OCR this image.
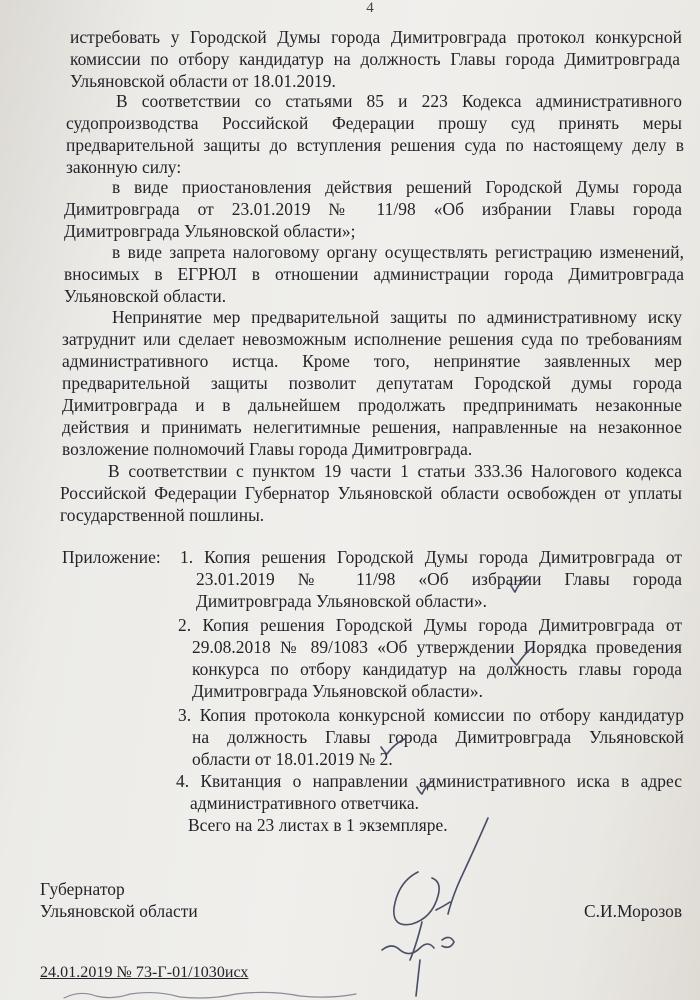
4
истребовать у Городской Думы города Димитровграда протокол конкурсной
комиссии по отбору кандидатур на должность Главы города Димитровграда
Ульяновской области от 18.01.2019.
В соответствии со статьями 85 и 223 Кодекса административного
судопроизводства Российской Федерации прошу суд принять меры
предварительной защиты до вступления решения суда по настоящему делу в
законную силу:
в виде приостановления действия решений Городской Думы города
Димитровграда от 23.01.2019 № 11/98 «Об избрании Главы города
Димитровграда Ульяновской области»;
в виде запрета налоговому органу осуществлять регистрацию изменений,
вносимых в ЕГРЮЛ в отношении администрации города Димитровграда
Ульяновской области.
Непринятие мер предварительной защиты по административному иску
затруднит или сделает невозможным исполнение решения суда по требованиям
административного истца. Кроме того, непринятие заявленных мер
предварительной защиты позволит депутатам Городской думы города
Димитровграда и в дальнейшем продолжать предпринимать незаконные
действия и принимать нелегитимные решения, направленные на незаконное
возложение полномочий Главы города Димитровграда.
В соответствии с пунктом 19 части 1 статьи 333.36 Налогового кодекса
Российской Федерации Губернатор Ульяновской области освобожден от уплаты
государственной пошлины.
Приложение: 1. Копия решения Городской Думы города Димитровграда от
23.01.2019 № 11/98 «Об избрании Главы города
Димитровграда Ульяновской области».
2. Копия решения Городской Думы города Димитровграда от
29.08.2018 № 89/1083 «Об утверждении Порядка проведения
конкурса по отбору кандидатур на должность главы города
Димитровграда Ульяновской области».
3. Копия протокола конкурсной комиссии по отбору кандидатур
на должность Главы города Димитровграда Ульяновской
области от 18.01.2019 № 2.
4. Квитанция о направлении административного иска в адрес
административного ответчика.
Всего на 23 листах в 1 экземпляре.
Губернатор
Ульяновской области	С.И.Морозов
24.01.2019 № 73-Г-01/1030исх
